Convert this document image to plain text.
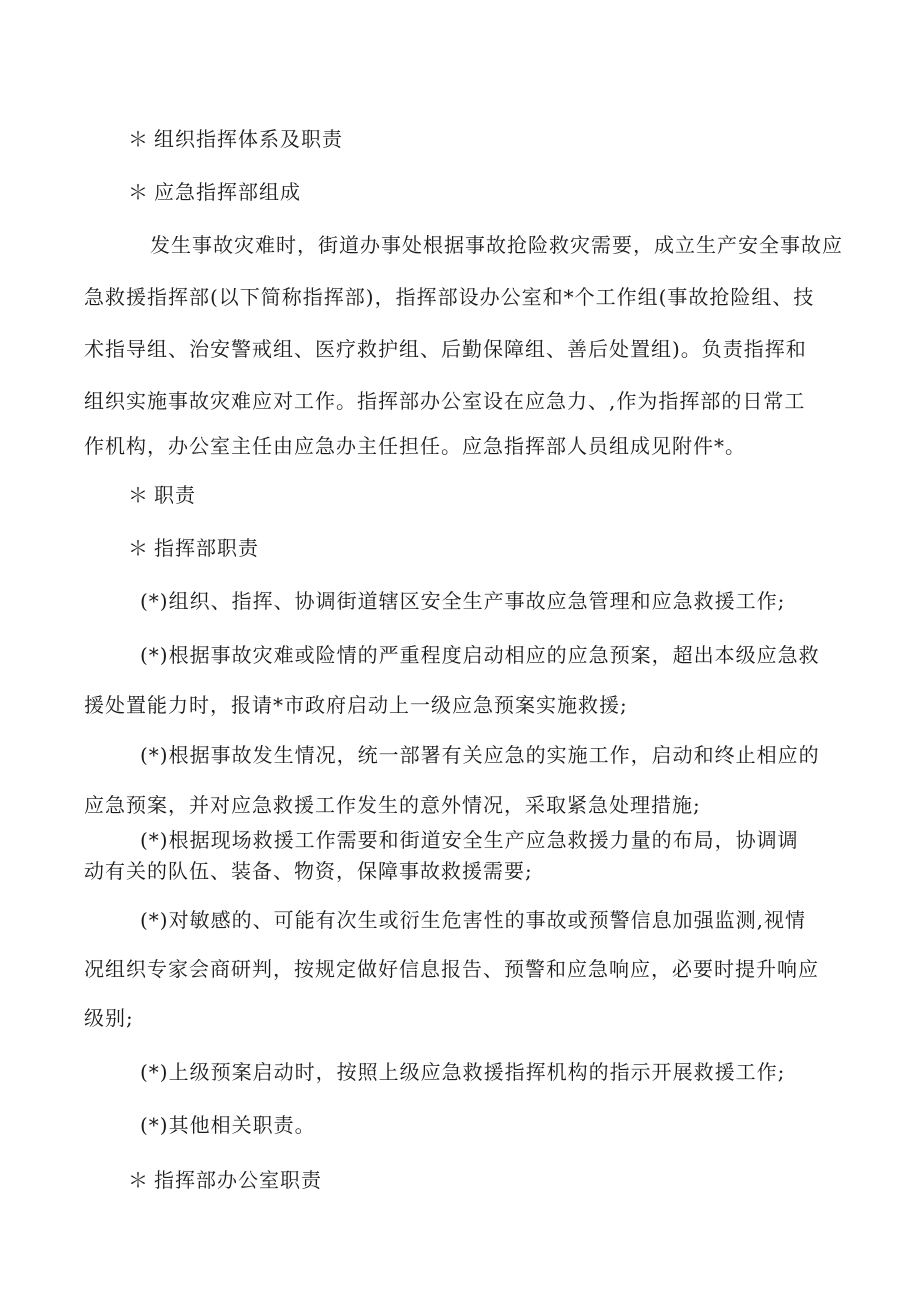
＊ 组织指挥体系及职责
＊ 应急指挥部组成
发生事故灾难时，街道办事处根据事故抢险救灾需要，成立生产安全事故应
急救援指挥部(以下简称指挥部)，指挥部设办公室和*个工作组(事故抢险组、技
术指导组、治安警戒组、医疗救护组、后勤保障组、善后处置组)。负责指挥和
组织实施事故灾难应对工作。指挥部办公室设在应急力、,作为指挥部的日常工
作机构，办公室主任由应急办主任担任。应急指挥部人员组成见附件*。
＊ 职责
＊ 指挥部职责
(*)组织、指挥、协调街道辖区安全生产事故应急管理和应急救援工作;
(*)根据事故灾难或险情的严重程度启动相应的应急预案，超出本级应急救
援处置能力时，报请*市政府启动上一级应急预案实施救援;
(*)根据事故发生情况，统一部署有关应急的实施工作，启动和终止相应的
应急预案，并对应急救援工作发生的意外情况，采取紧急处理措施;
(*)根据现场救援工作需要和街道安全生产应急救援力量的布局，协调调
动有关的队伍、装备、物资，保障事故救援需要;
(*)对敏感的、可能有次生或衍生危害性的事故或预警信息加强监测,视情
况组织专家会商研判，按规定做好信息报告、预警和应急响应，必要时提升响应
级别;
(*)上级预案启动时，按照上级应急救援指挥机构的指示开展救援工作;
(*)其他相关职责。
＊ 指挥部办公室职责
